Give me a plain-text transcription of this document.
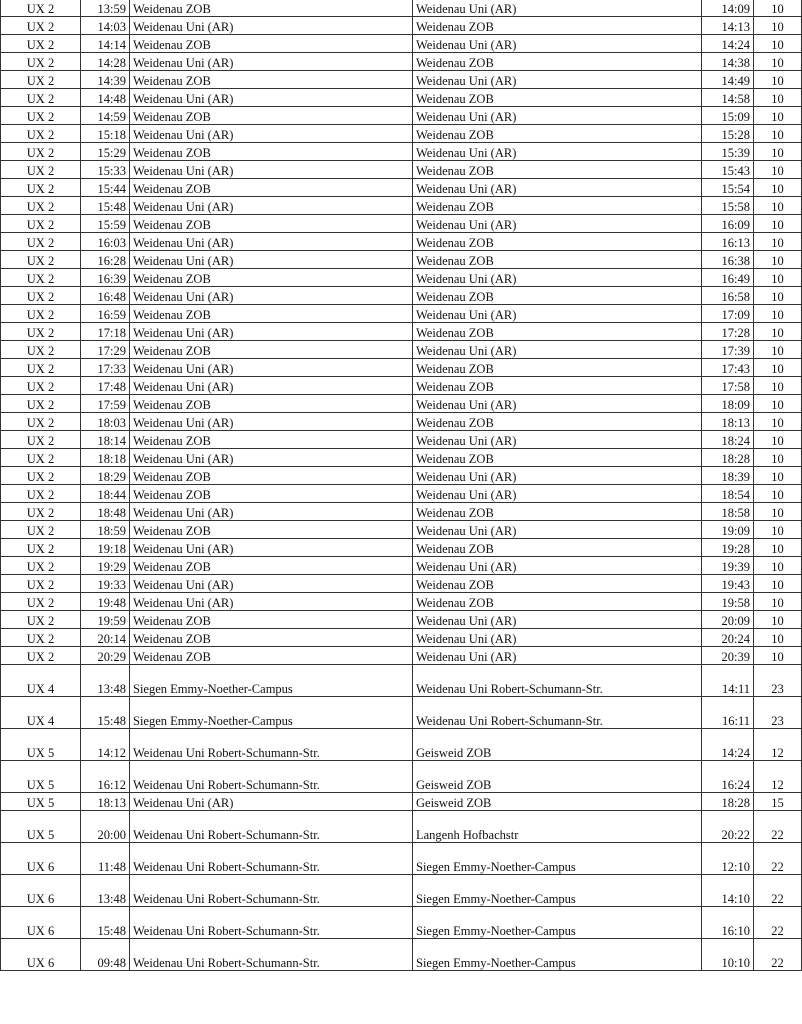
UX 2	13:59	Weidenau ZOB	Weidenau Uni (AR)	14:09	10
UX 2	14:03	Weidenau Uni (AR)	Weidenau ZOB	14:13	10
UX 2	14:14	Weidenau ZOB	Weidenau Uni (AR)	14:24	10
UX 2	14:28	Weidenau Uni (AR)	Weidenau ZOB	14:38	10
UX 2	14:39	Weidenau ZOB	Weidenau Uni (AR)	14:49	10
UX 2	14:48	Weidenau Uni (AR)	Weidenau ZOB	14:58	10
UX 2	14:59	Weidenau ZOB	Weidenau Uni (AR)	15:09	10
UX 2	15:18	Weidenau Uni (AR)	Weidenau ZOB	15:28	10
UX 2	15:29	Weidenau ZOB	Weidenau Uni (AR)	15:39	10
UX 2	15:33	Weidenau Uni (AR)	Weidenau ZOB	15:43	10
UX 2	15:44	Weidenau ZOB	Weidenau Uni (AR)	15:54	10
UX 2	15:48	Weidenau Uni (AR)	Weidenau ZOB	15:58	10
UX 2	15:59	Weidenau ZOB	Weidenau Uni (AR)	16:09	10
UX 2	16:03	Weidenau Uni (AR)	Weidenau ZOB	16:13	10
UX 2	16:28	Weidenau Uni (AR)	Weidenau ZOB	16:38	10
UX 2	16:39	Weidenau ZOB	Weidenau Uni (AR)	16:49	10
UX 2	16:48	Weidenau Uni (AR)	Weidenau ZOB	16:58	10
UX 2	16:59	Weidenau ZOB	Weidenau Uni (AR)	17:09	10
UX 2	17:18	Weidenau Uni (AR)	Weidenau ZOB	17:28	10
UX 2	17:29	Weidenau ZOB	Weidenau Uni (AR)	17:39	10
UX 2	17:33	Weidenau Uni (AR)	Weidenau ZOB	17:43	10
UX 2	17:48	Weidenau Uni (AR)	Weidenau ZOB	17:58	10
UX 2	17:59	Weidenau ZOB	Weidenau Uni (AR)	18:09	10
UX 2	18:03	Weidenau Uni (AR)	Weidenau ZOB	18:13	10
UX 2	18:14	Weidenau ZOB	Weidenau Uni (AR)	18:24	10
UX 2	18:18	Weidenau Uni (AR)	Weidenau ZOB	18:28	10
UX 2	18:29	Weidenau ZOB	Weidenau Uni (AR)	18:39	10
UX 2	18:44	Weidenau ZOB	Weidenau Uni (AR)	18:54	10
UX 2	18:48	Weidenau Uni (AR)	Weidenau ZOB	18:58	10
UX 2	18:59	Weidenau ZOB	Weidenau Uni (AR)	19:09	10
UX 2	19:18	Weidenau Uni (AR)	Weidenau ZOB	19:28	10
UX 2	19:29	Weidenau ZOB	Weidenau Uni (AR)	19:39	10
UX 2	19:33	Weidenau Uni (AR)	Weidenau ZOB	19:43	10
UX 2	19:48	Weidenau Uni (AR)	Weidenau ZOB	19:58	10
UX 2	19:59	Weidenau ZOB	Weidenau Uni (AR)	20:09	10
UX 2	20:14	Weidenau ZOB	Weidenau Uni (AR)	20:24	10
UX 2	20:29	Weidenau ZOB	Weidenau Uni (AR)	20:39	10
UX 4	13:48	Siegen Emmy-Noether-Campus	Weidenau Uni Robert-Schumann-Str.	14:11	23
UX 4	15:48	Siegen Emmy-Noether-Campus	Weidenau Uni Robert-Schumann-Str.	16:11	23
UX 5	14:12	Weidenau Uni Robert-Schumann-Str.	Geisweid ZOB	14:24	12
UX 5	16:12	Weidenau Uni Robert-Schumann-Str.	Geisweid ZOB	16:24	12
UX 5	18:13	Weidenau Uni (AR)	Geisweid ZOB	18:28	15
UX 5	20:00	Weidenau Uni Robert-Schumann-Str.	Langenh Hofbachstr	20:22	22
UX 6	11:48	Weidenau Uni Robert-Schumann-Str.	Siegen Emmy-Noether-Campus	12:10	22
UX 6	13:48	Weidenau Uni Robert-Schumann-Str.	Siegen Emmy-Noether-Campus	14:10	22
UX 6	15:48	Weidenau Uni Robert-Schumann-Str.	Siegen Emmy-Noether-Campus	16:10	22
UX 6	09:48	Weidenau Uni Robert-Schumann-Str.	Siegen Emmy-Noether-Campus	10:10	22
